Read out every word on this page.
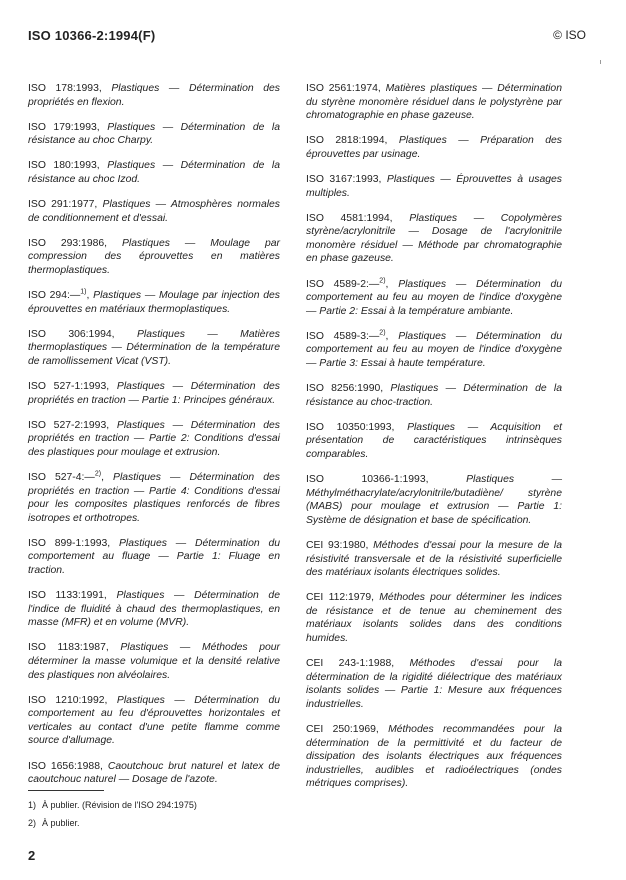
ISO 10366-2:1994(F)	© ISO

ISO 178:1993, Plastiques — Détermination des propriétés en flexion.

ISO 179:1993, Plastiques — Détermination de la résistance au choc Charpy.

ISO 180:1993, Plastiques — Détermination de la résistance au choc Izod.

ISO 291:1977, Plastiques — Atmosphères normales de conditionnement et d'essai.

ISO 293:1986, Plastiques — Moulage par compression des éprouvettes en matières thermoplastiques.

ISO 294:—$^{1)}$, Plastiques — Moulage par injection des éprouvettes en matériaux thermoplastiques.

ISO 306:1994, Plastiques — Matières thermoplastiques — Détermination de la température de ramollissement Vicat (VST).

ISO 527-1:1993, Plastiques — Détermination des propriétés en traction — Partie 1: Principes généraux.

ISO 527-2:1993, Plastiques — Détermination des propriétés en traction — Partie 2: Conditions d'essai des plastiques pour moulage et extrusion.

ISO 527-4:—$^{2)}$, Plastiques — Détermination des propriétés en traction — Partie 4: Conditions d'essai pour les composites plastiques renforcés de fibres isotropes et orthotropes.

ISO 899-1:1993, Plastiques — Détermination du comportement au fluage — Partie 1: Fluage en traction.

ISO 1133:1991, Plastiques — Détermination de l'indice de fluidité à chaud des thermoplastiques, en masse (MFR) et en volume (MVR).

ISO 1183:1987, Plastiques — Méthodes pour déterminer la masse volumique et la densité relative des plastiques non alvéolaires.

ISO 1210:1992, Plastiques — Détermination du comportement au feu d'éprouvettes horizontales et verticales au contact d'une petite flamme comme source d'allumage.

ISO 1656:1988, Caoutchouc brut naturel et latex de caoutchouc naturel — Dosage de l'azote.

ISO 2561:1974, Matières plastiques — Détermination du styrène monomère résiduel dans le polystyrène par chromatographie en phase gazeuse.

ISO 2818:1994, Plastiques — Préparation des éprouvettes par usinage.

ISO 3167:1993, Plastiques — Éprouvettes à usages multiples.

ISO 4581:1994, Plastiques — Copolymères styrène/acrylonitrile — Dosage de l'acrylonitrile monomère résiduel — Méthode par chromatographie en phase gazeuse.

ISO 4589-2:—$^{2)}$, Plastiques — Détermination du comportement au feu au moyen de l'indice d'oxygène — Partie 2: Essai à la température ambiante.

ISO 4589-3:—$^{2)}$, Plastiques — Détermination du comportement au feu au moyen de l'indice d'oxygène — Partie 3: Essai à haute température.

ISO 8256:1990, Plastiques — Détermination de la résistance au choc-traction.

ISO 10350:1993, Plastiques — Acquisition et présentation de caractéristiques intrinsèques comparables.

ISO 10366-1:1993,	Plastiques — Méthylméthacrylate/acrylonitrile/butadiène/ styrène (MABS) pour moulage et extrusion — Partie 1: Système de désignation et base de spécification.

CEI 93:1980, Méthodes d'essai pour la mesure de la résistivité transversale et de la résistivité superficielle des matériaux isolants électriques solides.

CEI 112:1979, Méthodes pour déterminer les indices de résistance et de tenue au cheminement des matériaux isolants solides dans des conditions humides.

CEI 243-1:1988, Méthodes d'essai pour la détermination de la rigidité diélectrique des matériaux isolants solides — Partie 1: Mesure aux fréquences industrielles.

CEI 250:1969, Méthodes recommandées pour la détermination de la permittivité et du facteur de dissipation des isolants électriques aux fréquences industrielles, audibles et radioélectriques (ondes métriques comprises).

1) À publier. (Révision de l'ISO 294:1975)
2) À publier.
2
